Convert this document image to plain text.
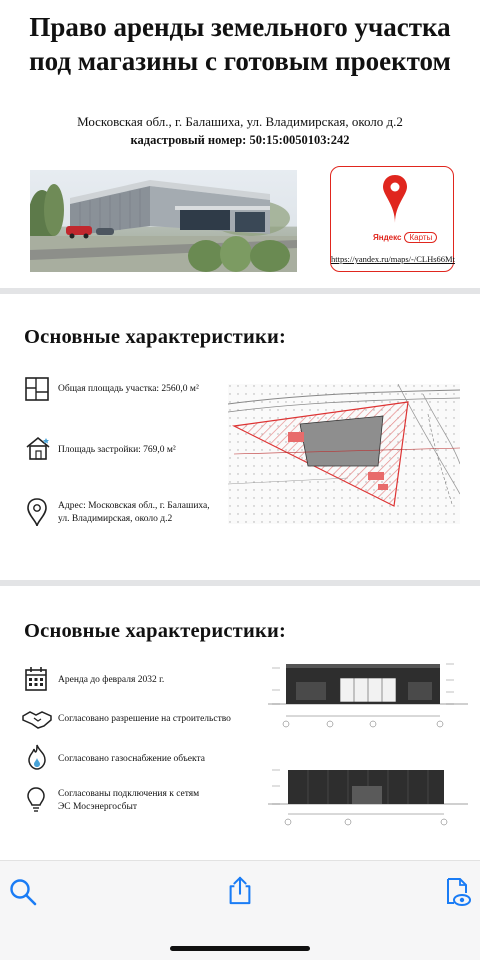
Право аренды земельного участка под магазины с готовым проектом
Московская обл., г. Балашиха, ул. Владимирская, около д.2
кадастровый номер: 50:15:0050103:242
Яндекс Карты
https://yandex.ru/maps/-/CLHs66Mt
Основные характеристики:
Общая площадь участка: 2560,0 м²
Площадь застройки: 769,0 м²
Адрес: Московская обл., г. Балашиха,
ул. Владимирская, около д.2
Основные характеристики:
Аренда до февраля 2032 г.
Согласовано разрешение на строительство
Согласовано газоснабжение объекта
Согласованы подключения к сетям
ЭС Мосэнергосбыт
